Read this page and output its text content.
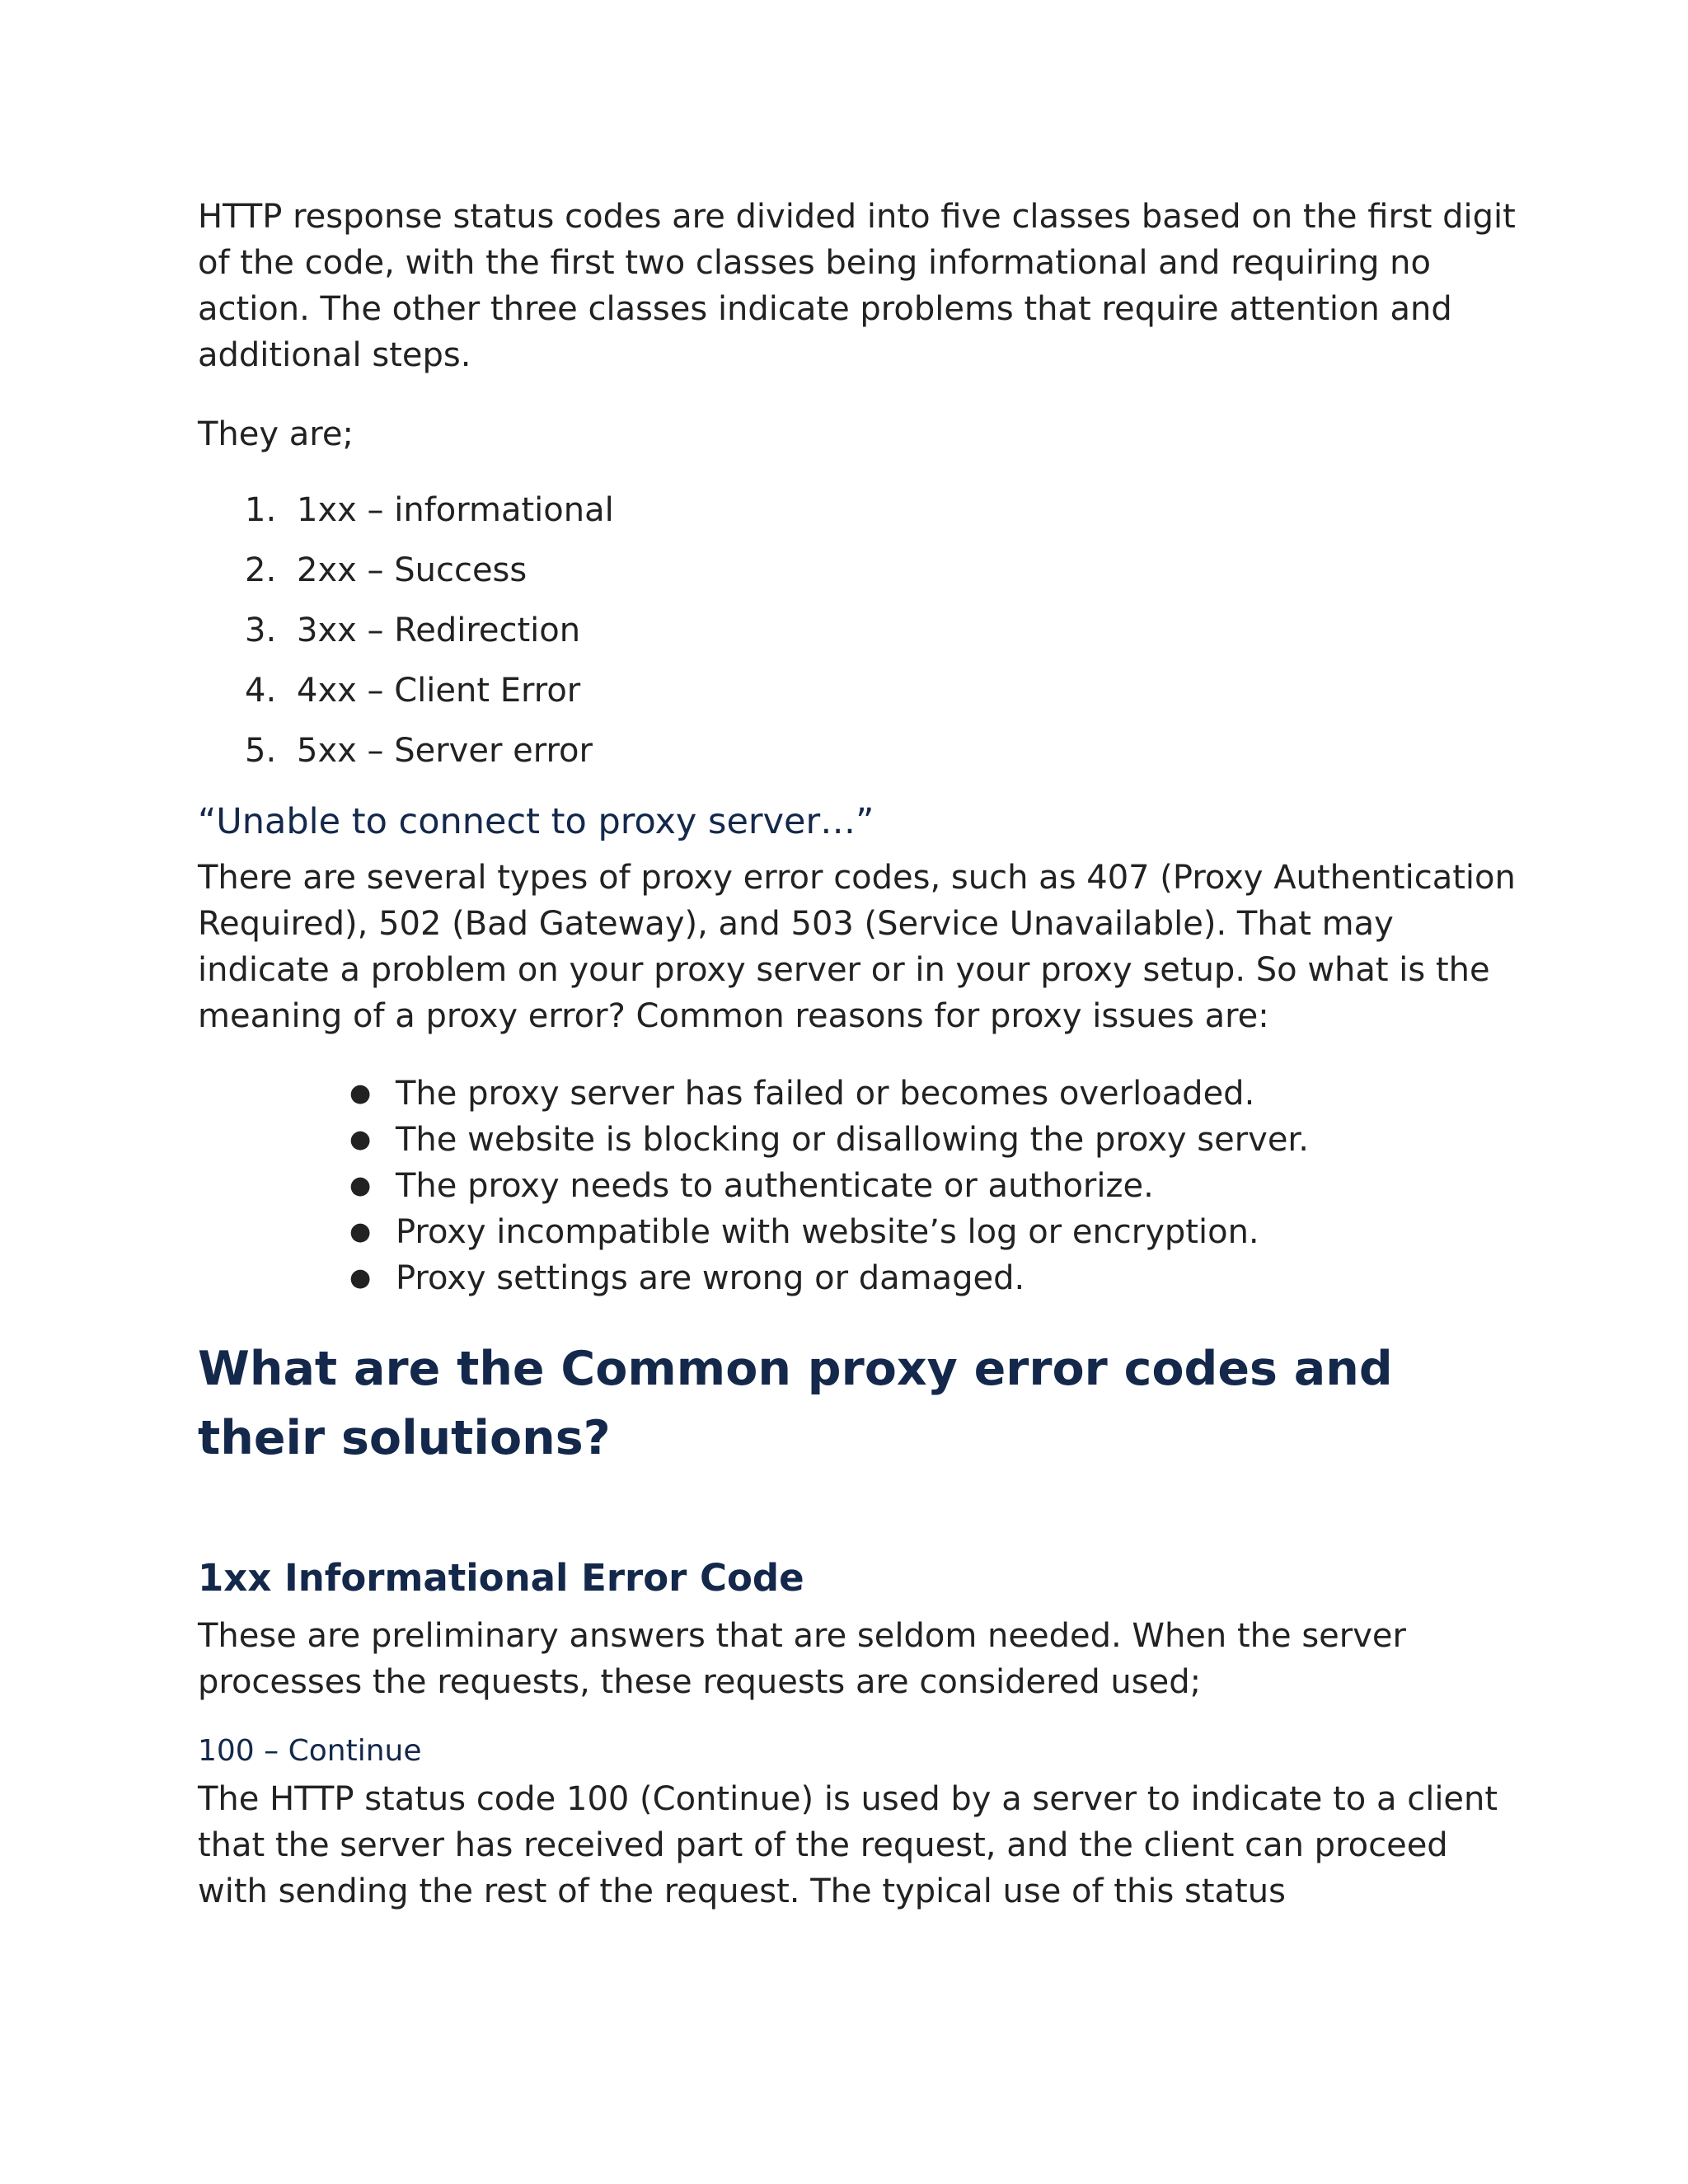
HTTP response status codes are divided into five classes based on the first digit of the code, with the first two classes being informational and requiring no action. The other three classes indicate problems that require attention and additional steps.

They are;

1. 1xx – informational
2. 2xx – Success
3. 3xx – Redirection
4. 4xx – Client Error
5. 5xx – Server error
“Unable to connect to proxy server…”

There are several types of proxy error codes, such as 407 (Proxy Authentication Required), 502 (Bad Gateway), and 503 (Service Unavailable). That may indicate a problem on your proxy server or in your proxy setup. So what is the meaning of a proxy error? Common reasons for proxy issues are:

● The proxy server has failed or becomes overloaded.
● The website is blocking or disallowing the proxy server.
● The proxy needs to authenticate or authorize.
● Proxy incompatible with website’s log or encryption.
● Proxy settings are wrong or damaged.
What are the Common proxy error codes and their solutions?
1xx Informational Error Code

These are preliminary answers that are seldom needed. When the server processes the requests, these requests are considered used;

100 – Continue

The HTTP status code 100 (Continue) is used by a server to indicate to a client that the server has received part of the request, and the client can proceed with sending the rest of the request. The typical use of this status
